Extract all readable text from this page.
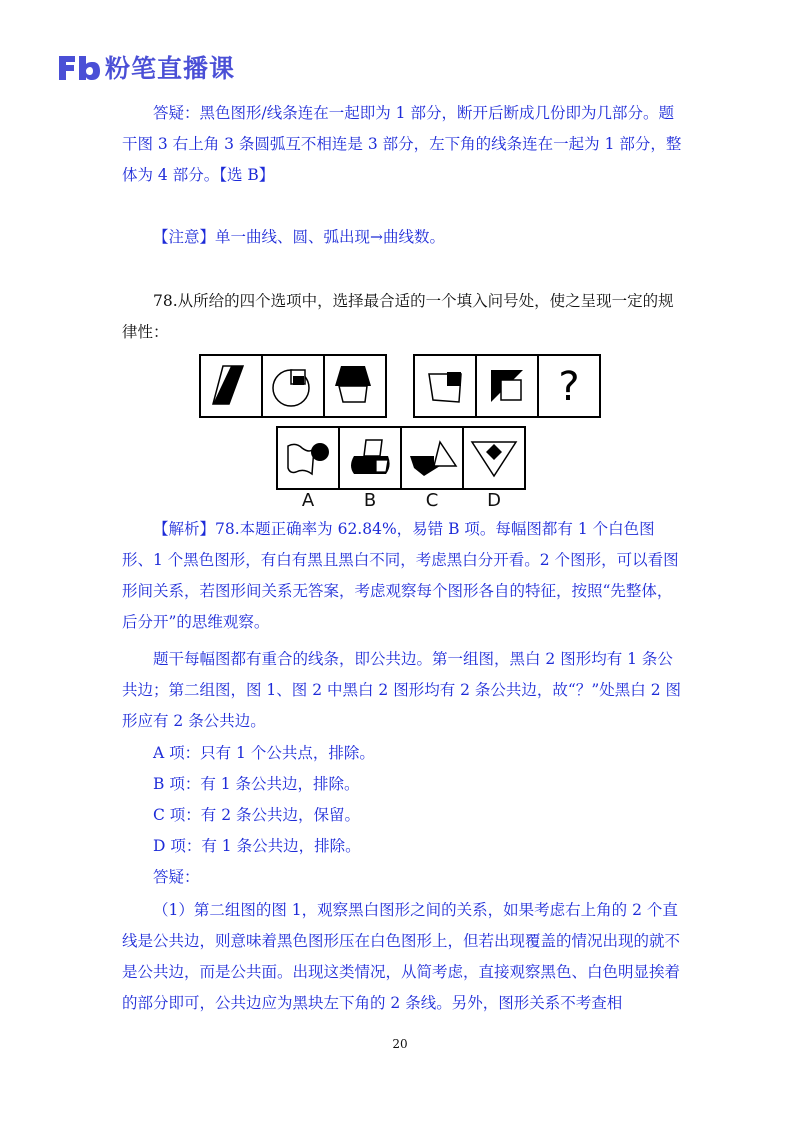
粉笔直播课

答疑：黑色图形/线条连在一起即为 1 部分，断开后断成几份即为几部分。题干图 3 右上角 3 条圆弧互不相连是 3 部分，左下角的线条连在一起为 1 部分，整体为 4 部分。【选 B】

【注意】单一曲线、圆、弧出现→曲线数。

78.从所给的四个选项中，选择最合适的一个填入问号处，使之呈现一定的规律性：

?
A	B	C	D

【解析】78.本题正确率为 62.84%，易错 B 项。每幅图都有 1 个白色图形、1 个黑色图形，有白有黑且黑白不同，考虑黑白分开看。2 个图形，可以看图形间关系，若图形间关系无答案，考虑观察每个图形各自的特征，按照“先整体，后分开”的思维观察。

题干每幅图都有重合的线条，即公共边。第一组图，黑白 2 图形均有 1 条公共边；第二组图，图 1、图 2 中黑白 2 图形均有 2 条公共边，故“？”处黑白 2 图形应有 2 条公共边。

A 项：只有 1 个公共点，排除。

B 项：有 1 条公共边，排除。

C 项：有 2 条公共边，保留。

D 项：有 1 条公共边，排除。

答疑：

（1）第二组图的图 1，观察黑白图形之间的关系，如果考虑右上角的 2 个直线是公共边，则意味着黑色图形压在白色图形上，但若出现覆盖的情况出现的就不是公共边，而是公共面。出现这类情况，从简考虑，直接观察黑色、白色明显挨着的部分即可，公共边应为黑块左下角的 2 条线。另外，图形关系不考查相

20
